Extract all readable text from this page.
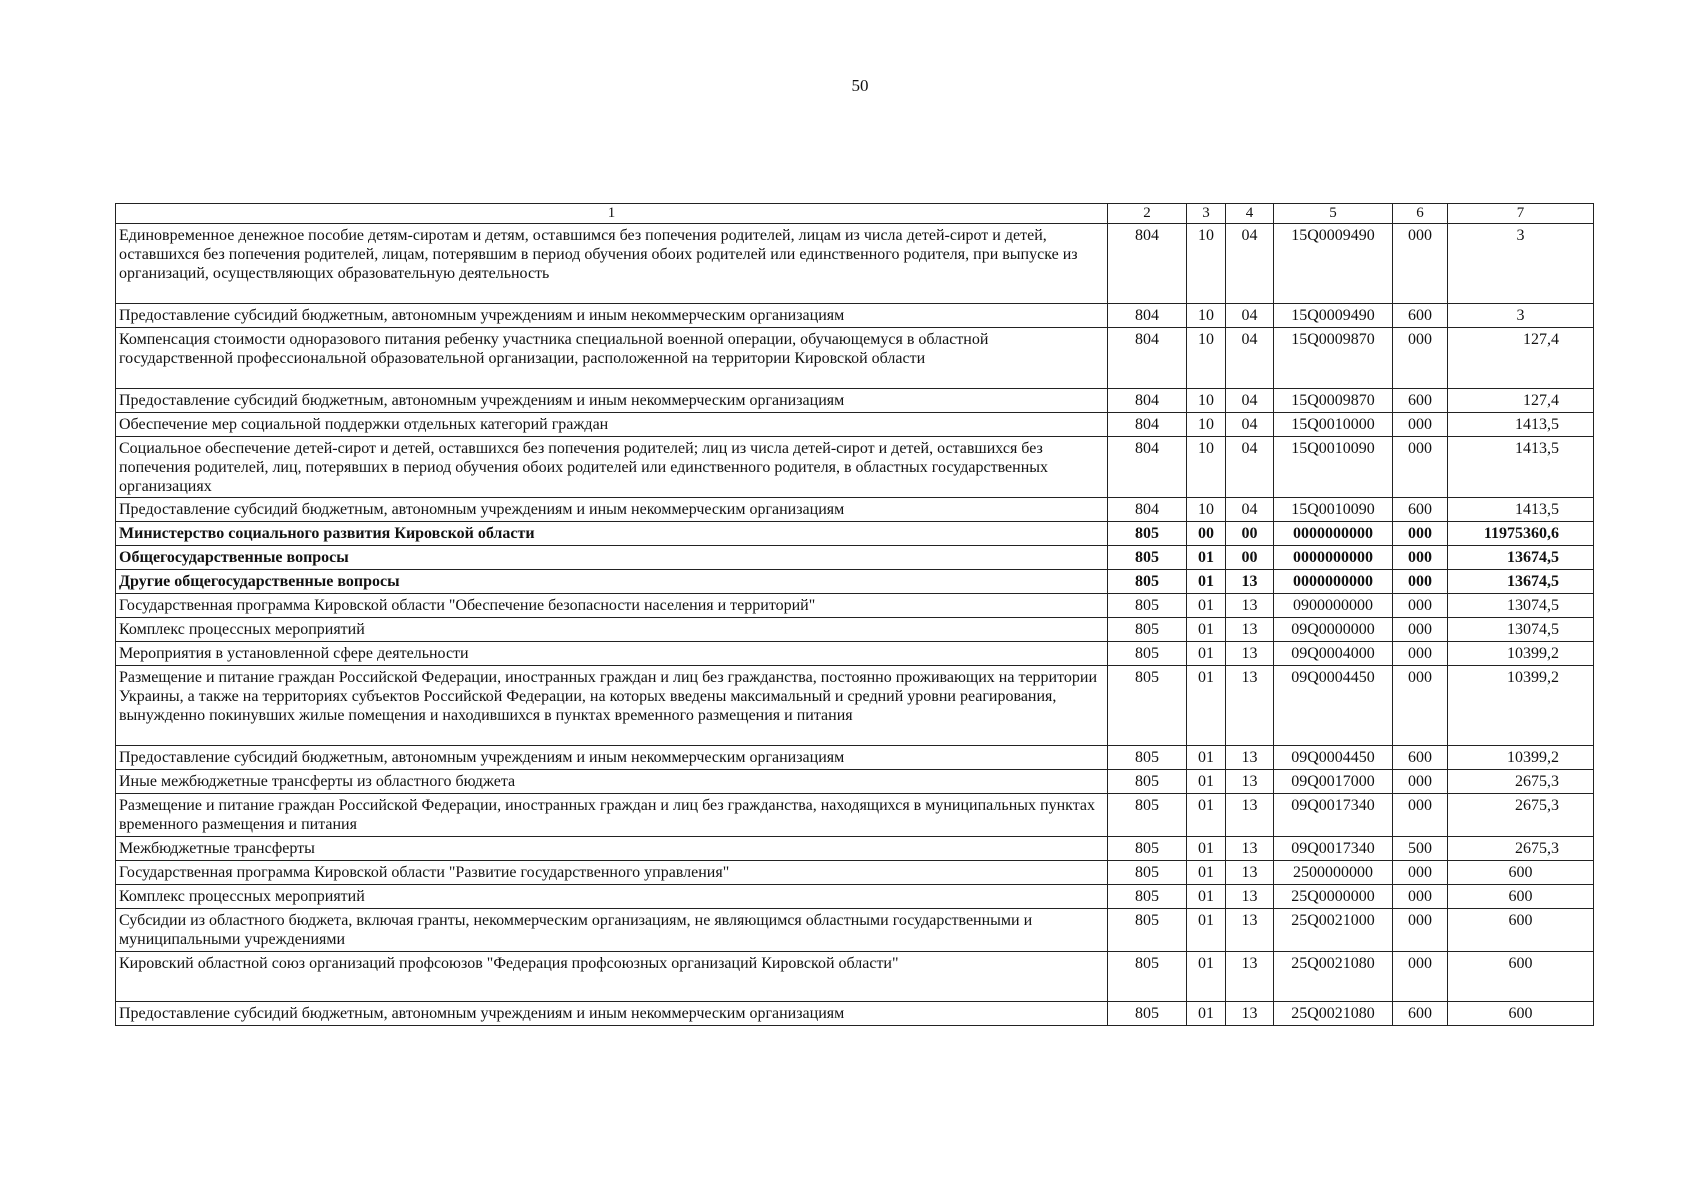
50
1	2	3	4	5	6	7
Единовременное денежное пособие детям-сиротам и детям, оставшимся без попечения родителей, лицам из числа детей-сирот и детей, оставшихся без попечения родителей, лицам, потерявшим в период обучения обоих родителей или единственного родителя, при выпуске из организаций, осуществляющих образовательную деятельность	804	10	04	15Q0009490	000	3
Предоставление субсидий бюджетным, автономным учреждениям и иным некоммерческим организациям	804	10	04	15Q0009490	600	3
Компенсация стоимости одноразового питания ребенку участника специальной военной операции, обучающемуся в областной государственной профессиональной образовательной организации, расположенной на территории Кировской области	804	10	04	15Q0009870	000	127,4
Предоставление субсидий бюджетным, автономным учреждениям и иным некоммерческим организациям	804	10	04	15Q0009870	600	127,4
Обеспечение мер социальной поддержки отдельных категорий граждан	804	10	04	15Q0010000	000	1413,5
Социальное обеспечение детей-сирот и детей, оставшихся без попечения родителей; лиц из числа детей-сирот и детей, оставшихся без попечения родителей, лиц, потерявших в период обучения обоих родителей или единственного родителя, в областных государственных организациях	804	10	04	15Q0010090	000	1413,5
Предоставление субсидий бюджетным, автономным учреждениям и иным некоммерческим организациям	804	10	04	15Q0010090	600	1413,5
Министерство социального развития Кировской области	805	00	00	0000000000	000	11975360,6
Общегосударственные вопросы	805	01	00	0000000000	000	13674,5
Другие общегосударственные вопросы	805	01	13	0000000000	000	13674,5
Государственная программа Кировской области "Обеспечение безопасности населения и территорий"	805	01	13	0900000000	000	13074,5
Комплекс процессных мероприятий	805	01	13	09Q0000000	000	13074,5
Мероприятия в установленной сфере деятельности	805	01	13	09Q0004000	000	10399,2
Размещение и питание граждан Российской Федерации, иностранных граждан и лиц без гражданства, постоянно проживающих на территории Украины, а также на территориях субъектов Российской Федерации, на которых введены максимальный и средний уровни реагирования, вынужденно покинувших жилые помещения и находившихся в пунктах временного размещения и питания	805	01	13	09Q0004450	000	10399,2
Предоставление субсидий бюджетным, автономным учреждениям и иным некоммерческим организациям	805	01	13	09Q0004450	600	10399,2
Иные межбюджетные трансферты из областного бюджета	805	01	13	09Q0017000	000	2675,3
Размещение и питание граждан Российской Федерации, иностранных граждан и лиц без гражданства, находящихся в муниципальных пунктах временного размещения и питания	805	01	13	09Q0017340	000	2675,3
Межбюджетные трансферты	805	01	13	09Q0017340	500	2675,3
Государственная программа Кировской области "Развитие государственного управления"	805	01	13	2500000000	000	600
Комплекс процессных мероприятий	805	01	13	25Q0000000	000	600
Субсидии из областного бюджета, включая гранты, некоммерческим организациям, не являющимся областными государственными и муниципальными учреждениями	805	01	13	25Q0021000	000	600
Кировский областной союз организаций профсоюзов "Федерация профсоюзных организаций Кировской области"	805	01	13	25Q0021080	000	600
Предоставление субсидий бюджетным, автономным учреждениям и иным некоммерческим организациям	805	01	13	25Q0021080	600	600
